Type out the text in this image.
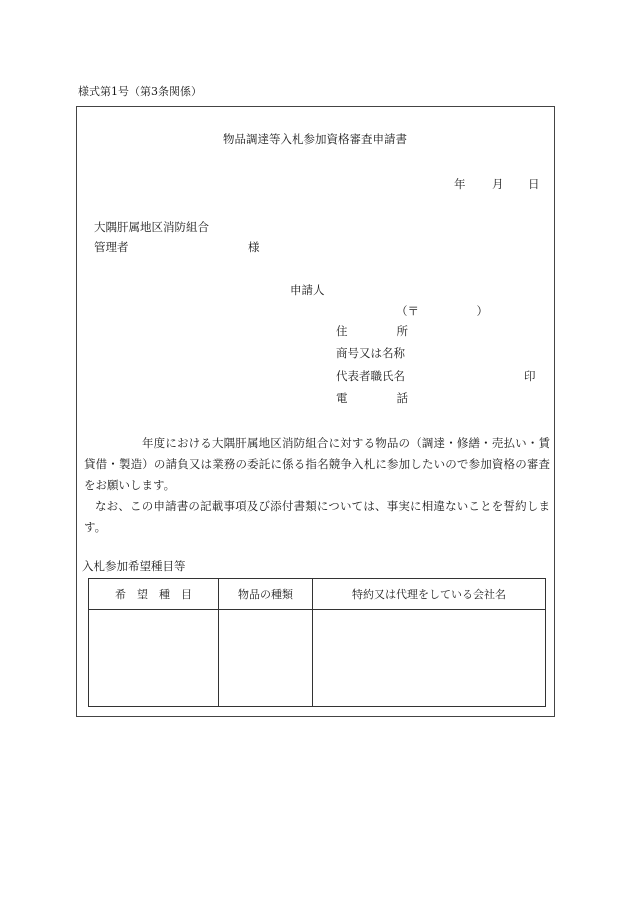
様式第1号（第3条関係）
物品調達等入札参加資格審査申請書
年 月 日
大隅肝属地区消防組合
管理者	様
申請人
（〒	）
住　　所
商号又は名称
代表者職氏名	印
電　　話
年度における大隅肝属地区消防組合に対する物品の（調達・修繕・売払い・賃貸借・製造）の請負又は業務の委託に係る指名競争入札に参加したいので参加資格の審査をお願いします。
なお、この申請書の記載事項及び添付書類については、事実に相違ないことを誓約します。
入札参加希望種目等
希　望　種　目	物品の種類	特約又は代理をしている会社名
